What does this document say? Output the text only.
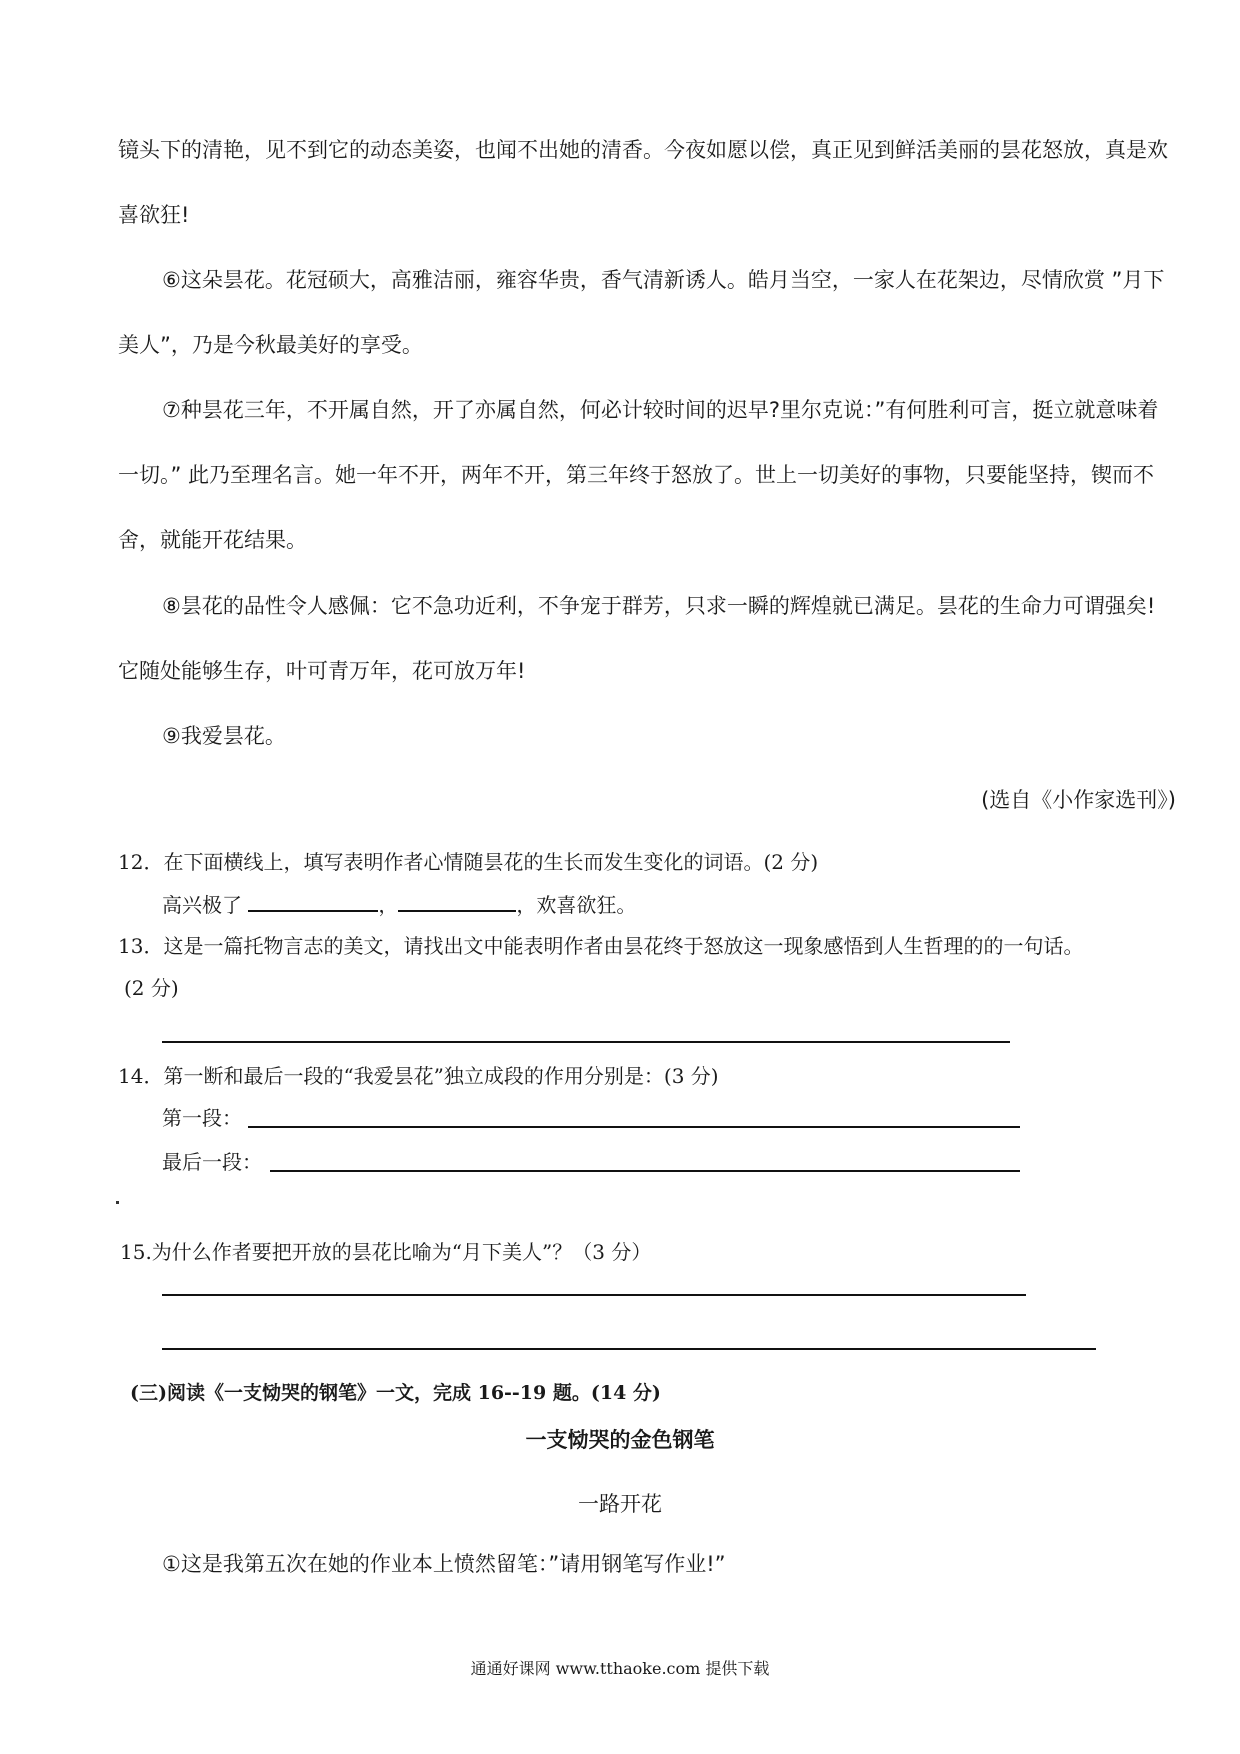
镜头下的清艳，见不到它的动态美姿，也闻不出她的清香。今夜如愿以偿，真正见到鲜活美丽的昙花怒放，真是欢喜欲狂!

⑥这朵昙花。花冠硕大，高雅洁丽，雍容华贵，香气清新诱人。皓月当空，一家人在花架边，尽情欣赏 ”月下美人”，乃是今秋最美好的享受。

⑦种昙花三年，不开属自然，开了亦属自然，何必计较时间的迟早?里尔克说：”有何胜利可言，挺立就意味着一切。” 此乃至理名言。她一年不开，两年不开，第三年终于怒放了。世上一切美好的事物，只要能坚持，锲而不舍，就能开花结果。

⑧昙花的品性令人感佩：它不急功近利，不争宠于群芳，只求一瞬的辉煌就已满足。昙花的生命力可谓强矣!它随处能够生存，叶可青万年，花可放万年!

⑨我爱昙花。

(选自《小作家选刊》)
12．在下面横线上，填写表明作者心情随昙花的生长而发生变化的词语。(2 分)
高兴极了	，	，欢喜欲狂。
13．这是一篇托物言志的美文，请找出文中能表明作者由昙花终于怒放这一现象感悟到人生哲理的的一句话。
(2 分)
14．第一断和最后一段的“我爱昙花”独立成段的作用分别是：(3 分)
第一段：
最后一段：
15.为什么作者要把开放的昙花比喻为“月下美人”？（3 分）
(三)阅读《一支恸哭的钢笔》一文，完成 16--19 题。(14 分)
一支恸哭的金色钢笔
一路开花

①这是我第五次在她的作业本上愤然留笔：”请用钢笔写作业!”

通通好课网 www.tthaoke.com 提供下载
